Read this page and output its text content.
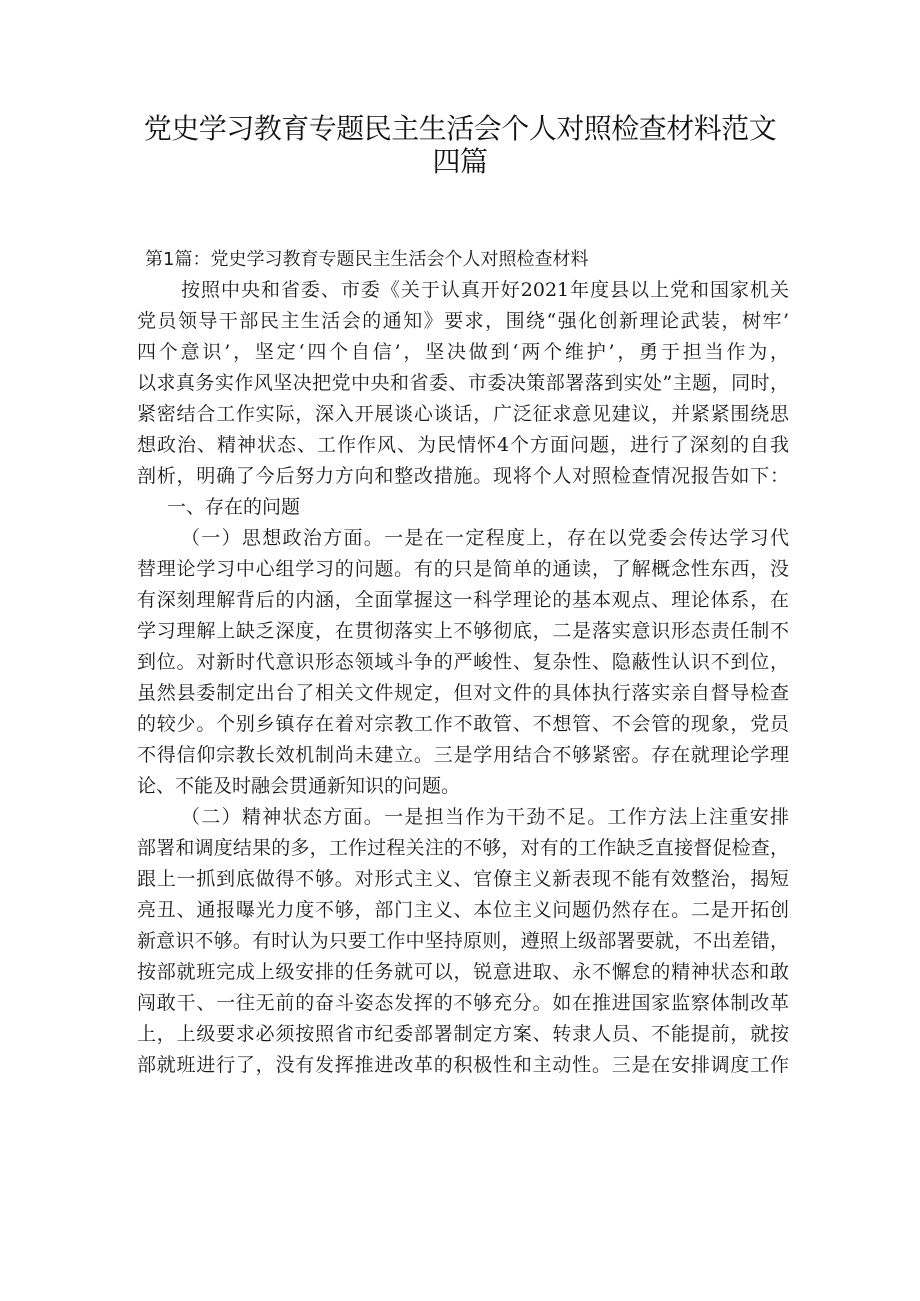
党史学习教育专题民主生活会个人对照检查材料范文
四篇
第1篇：党史学习教育专题民主生活会个人对照检查材料
按照中央和省委、市委《关于认真开好2021年度县以上党和国家机关
党员领导干部民主生活会的通知》要求，围绕“强化创新理论武装，树牢’
四个意识’，坚定‘四个自信’，坚决做到‘两个维护’，勇于担当作为，
以求真务实作风坚决把党中央和省委、市委决策部署落到实处”主题，同时，
紧密结合工作实际，深入开展谈心谈话，广泛征求意见建议，并紧紧围绕思
想政治、精神状态、工作作风、为民情怀4个方面问题，进行了深刻的自我
剖析，明确了今后努力方向和整改措施。现将个人对照检查情况报告如下：
一、存在的问题
（一）思想政治方面。一是在一定程度上，存在以党委会传达学习代
替理论学习中心组学习的问题。有的只是简单的通读，了解概念性东西，没
有深刻理解背后的内涵，全面掌握这一科学理论的基本观点、理论体系，在
学习理解上缺乏深度，在贯彻落实上不够彻底，二是落实意识形态责任制不
到位。对新时代意识形态领域斗争的严峻性、复杂性、隐蔽性认识不到位，
虽然县委制定出台了相关文件规定，但对文件的具体执行落实亲自督导检查
的较少。个别乡镇存在着对宗教工作不敢管、不想管、不会管的现象，党员
不得信仰宗教长效机制尚未建立。三是学用结合不够紧密。存在就理论学理
论、不能及时融会贯通新知识的问题。
（二）精神状态方面。一是担当作为干劲不足。工作方法上注重安排
部署和调度结果的多，工作过程关注的不够，对有的工作缺乏直接督促检查，
跟上一抓到底做得不够。对形式主义、官僚主义新表现不能有效整治，揭短
亮丑、通报曝光力度不够，部门主义、本位主义问题仍然存在。二是开拓创
新意识不够。有时认为只要工作中坚持原则，遵照上级部署要就，不出差错，
按部就班完成上级安排的任务就可以，锐意进取、永不懈怠的精神状态和敢
闯敢干、一往无前的奋斗姿态发挥的不够充分。如在推进国家监察体制改革
上，上级要求必须按照省市纪委部署制定方案、转隶人员、不能提前，就按
部就班进行了，没有发挥推进改革的积极性和主动性。三是在安排调度工作
